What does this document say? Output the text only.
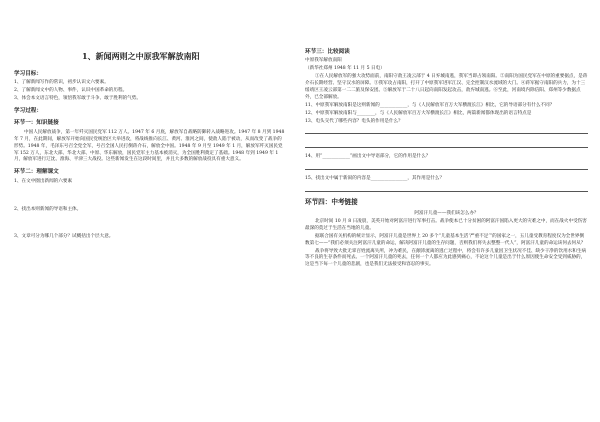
1、新闻两则之中原我军解放南阳
学习目标：
1、了解新闻写作的常识，初步认识文六要素。
2、了解新闻文中的人物、事件，认识中国革命的历程。
3、体会本文语言特色，领悟我军敢于斗争、敢于胜利的气势。
学习过程：
环节一：知识链接
中国人民解放战争，第一年歼灭国民党军 112 万人。1947 年 6 月底，解放军自战略防御转入战略进攻。1947 年 8 月到 1948 年 7 月，在此期间，解放军开始向国民党统治区大举进攻，将战线推向长江、黄河、淮河之间，使敌人陷于被动，从而改变了战争的形势。1948 年，毛泽东号召全党全军，号召全国人民打倒蒋介石，解放全中国。1948 年 9 月至 1949 年 1 月，解放军歼灭国民党军 152 万人，东北大部、华北大部、中原、华东解放，国民党军主力基本被消灭，为全国胜利奠定了基础。1948 年到 1949 年 1 月，解放军进行辽沈、淮海、平津三大战役。这些新闻发生在这段时间里，并且大多数的解放战役具有重大意义。
环节二：理解课文
1、在文中圈出新闻的六要素
2、找出本则新闻的导语和主体。
3、文章可分为哪几个部分？试概括出个层大意。
环节三：比较阅读
中原我军解放南阳
（新华社郑州 1948 年 11 月 5 日电）
①在人民解放军的强大攻势面前，南阳守敌王凌云部于 4 日弃城南逃，我军当即占领南阳。②南阳为国民党军在中原的重要据点，是蒋介石长期经营、坚守汉水的屏障。③我军攻占南阳，打开了中原我军进军江汉、完全控制汉水流域的大门。④蒋军据守南阳的兵力，为十三绥靖区王凌云部第一二二旅及保安团。⑤解放军于二十八日起向南阳发起攻击，敌弃城南逃。⑥至此，河南境内除信阳、郑州等少数据点外，已全部解放。
11、中原我军解放南阳是这则新闻的____________，与《人民解放军百万大军横渡长江》相比，它的导语部分有什么不同？
12、中原我军解放南阳与________，与《人民解放军百万大军横渡长江》相比，两篇新闻都体现出的语言特点是
13、电头交代了哪些内容？电头的作用是什么？
14、用“____________”画出文中导语部分，它的作用是什么？
15、找出文中属于新叙的内容是________________，其作用是什么？
环节四：中考链接
阿富汗儿童——我们该怎么办？
北京时间 10 月 8 日凌晨，美英开始对阿富汗进行军事打击。战争使本已十分贫困的阿富汗国陷入更大的灾难之中，而在战火中受伤害最深的莫过于生活在当地的儿童。
据联合国有关机构的统计显示，阿富汗儿童是世界上 20 多个“儿童基本生活‘严重不足’”的国家之一，五儿童受教育程度仅为全世界倒数第七——“我们必须关注阿富汗儿童的命运，解决阿富汗儿童的生存问题，否则我们将失去整整一代人”，阿富汗儿童的命运该何去何从？
战争将导致大批无辜百姓流离失所，冲为难民，在颠沛流离的逃亡过程中，将会有许多儿童因卫生状况不佳、缺少干净的饮用水和生病等不良的生存条件而死去。一个阿富汗儿童的死去，任何一个人都应为此感到痛心，不论这个儿童是出于什么原因使生命安全受到威胁的，这是当下每一个儿童的悲剧，也是我们无法接受和容忍的事实。
